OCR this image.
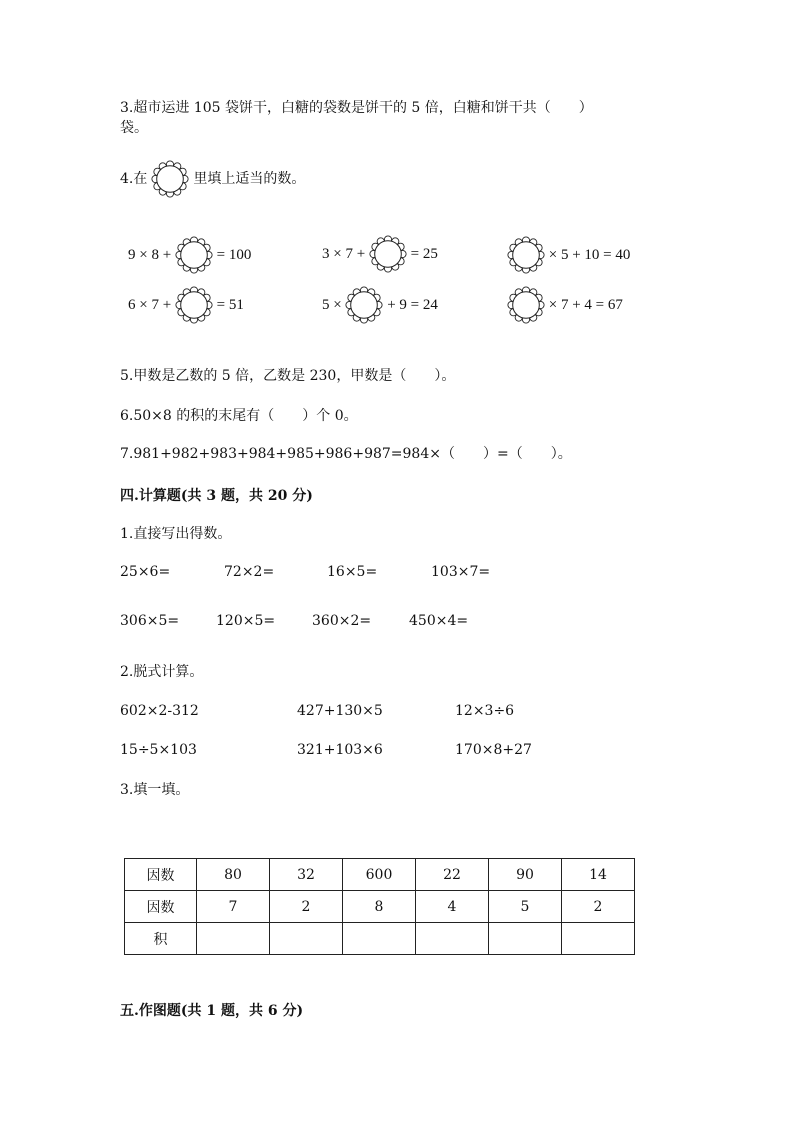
3.超市运进 105 袋饼干，白糖的袋数是饼干的 5 倍，白糖和饼干共（　　）
袋。
4.在	里填上适当的数。
9 × 8 +	= 100	3 × 7 +	= 25	× 5 + 10 = 40
6 × 7 +	= 51	5 ×	+ 9 = 24	× 7 + 4 = 67
5.甲数是乙数的 5 倍，乙数是 230，甲数是（　　）。
6.50×8 的积的末尾有（　　）个 0。
7.981+982+983+984+985+986+987=984×（　　）=（　　）。
四.计算题(共 3 题，共 20 分)
1.直接写出得数。
25×6=	72×2=	16×5=	103×7=
306×5=	120×5=	360×2=	450×4=
2.脱式计算。
602×2-312	427+130×5	12×3÷6
15÷5×103	321+103×6	170×8+27
3.填一填。
因数	80	32	600	22	90	14
因数	7	2	8	4	5	2
积						
五.作图题(共 1 题，共 6 分)
